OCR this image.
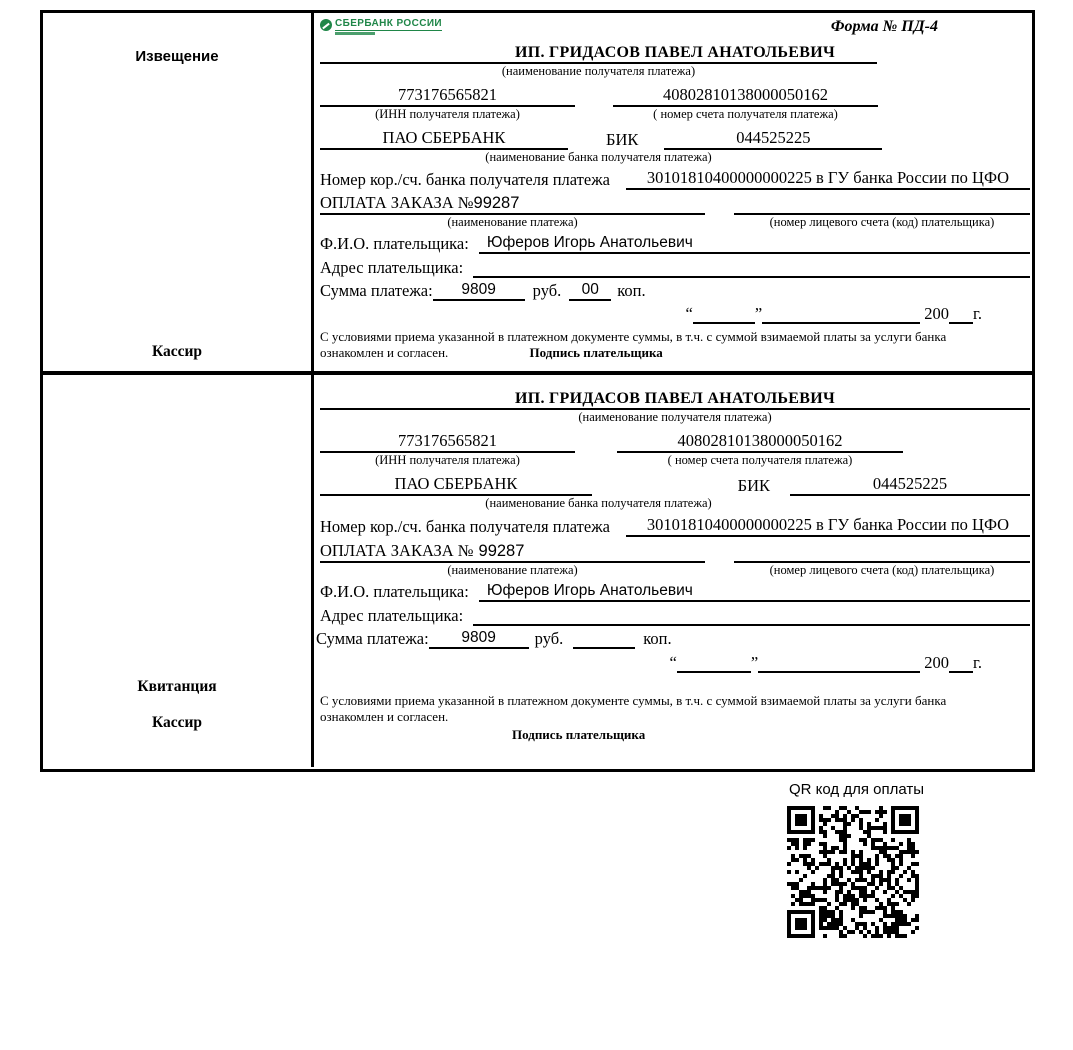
Извещение
Кассир
СБЕРБАНК РОССИИ	Форма № ПД-4
ИП. ГРИДАСОВ ПАВЕЛ АНАТОЛЬЕВИЧ
(наименование получателя платежа)
773176565821	40802810138000050162
(ИНН получателя платежа)	( номер счета получателя платежа)
ПАО СБЕРБАНК	БИК	044525225
(наименование банка получателя платежа)
Номер кор./сч. банка получателя платежа	30101810400000000225 в ГУ банка России по ЦФО
ОПЛАТА ЗАКАЗА №99287
(наименование платежа)	(номер лицевого счета (код) плательщика)
Ф.И.О. плательщика:	Юферов Игорь Анатольевич
Адрес плательщика:
Сумма платежа:	9809	руб.	00	коп.
“	”	200 г.
С условиями приема указанной в платежном документе суммы, в т.ч. с суммой взимаемой платы за услуги банка
ознакомлен и согласен.	Подпись плательщика
Квитанция
Кассир
ИП. ГРИДАСОВ ПАВЕЛ АНАТОЛЬЕВИЧ
(наименование получателя платежа)
773176565821	40802810138000050162
(ИНН получателя платежа)	( номер счета получателя платежа)
ПАО СБЕРБАНК	БИК	044525225
(наименование банка получателя платежа)
Номер кор./сч. банка получателя платежа	30101810400000000225 в ГУ банка России по ЦФО
ОПЛАТА ЗАКАЗА № 99287
(наименование платежа)	(номер лицевого счета (код) плательщика)
Ф.И.О. плательщика:	Юферов Игорь Анатольевич
Адрес плательщика:
Сумма платежа:	9809	руб.	коп.
“	”	200 г.
С условиями приема указанной в платежном документе суммы, в т.ч. с суммой взимаемой платы за услуги банка
ознакомлен и согласен.
Подпись плательщика
QR код для оплаты
